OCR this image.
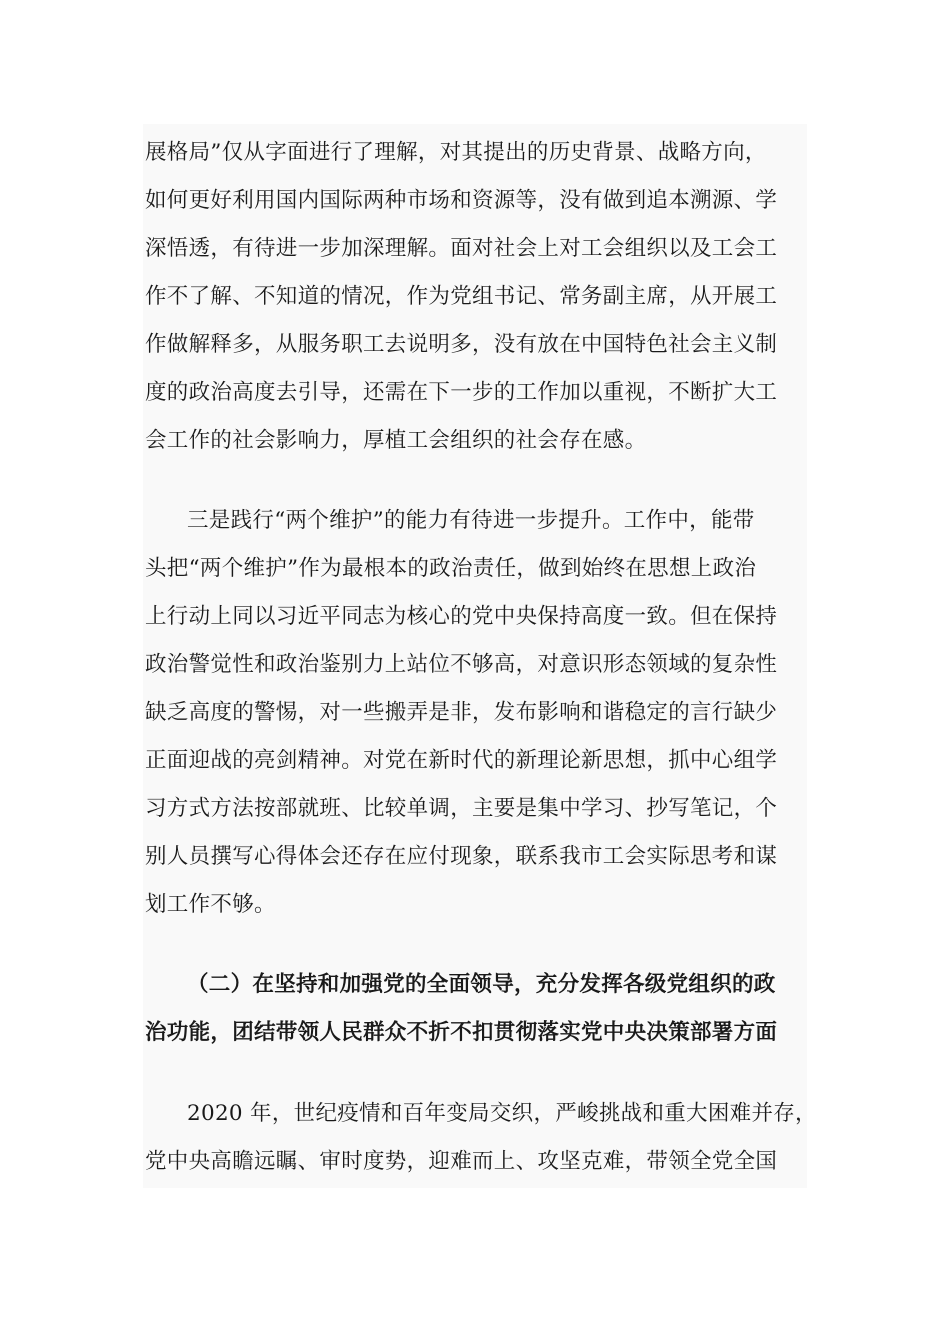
展格局”仅从字面进行了理解，对其提出的历史背景、战略方向，
如何更好利用国内国际两种市场和资源等，没有做到追本溯源、学
深悟透，有待进一步加深理解。面对社会上对工会组织以及工会工
作不了解、不知道的情况，作为党组书记、常务副主席，从开展工
作做解释多，从服务职工去说明多，没有放在中国特色社会主义制
度的政治高度去引导，还需在下一步的工作加以重视，不断扩大工
会工作的社会影响力，厚植工会组织的社会存在感。
三是践行“两个维护”的能力有待进一步提升。工作中，能带
头把“两个维护”作为最根本的政治责任，做到始终在思想上政治
上行动上同以习近平同志为核心的党中央保持高度一致。但在保持
政治警觉性和政治鉴别力上站位不够高，对意识形态领域的复杂性
缺乏高度的警惕，对一些搬弄是非，发布影响和谐稳定的言行缺少
正面迎战的亮剑精神。对党在新时代的新理论新思想，抓中心组学
习方式方法按部就班、比较单调，主要是集中学习、抄写笔记，个
别人员撰写心得体会还存在应付现象，联系我市工会实际思考和谋
划工作不够。
（二）在坚持和加强党的全面领导，充分发挥各级党组织的政
治功能，团结带领人民群众不折不扣贯彻落实党中央决策部署方面
2020 年，世纪疫情和百年变局交织，严峻挑战和重大困难并存，
党中央高瞻远瞩、审时度势，迎难而上、攻坚克难，带领全党全国
